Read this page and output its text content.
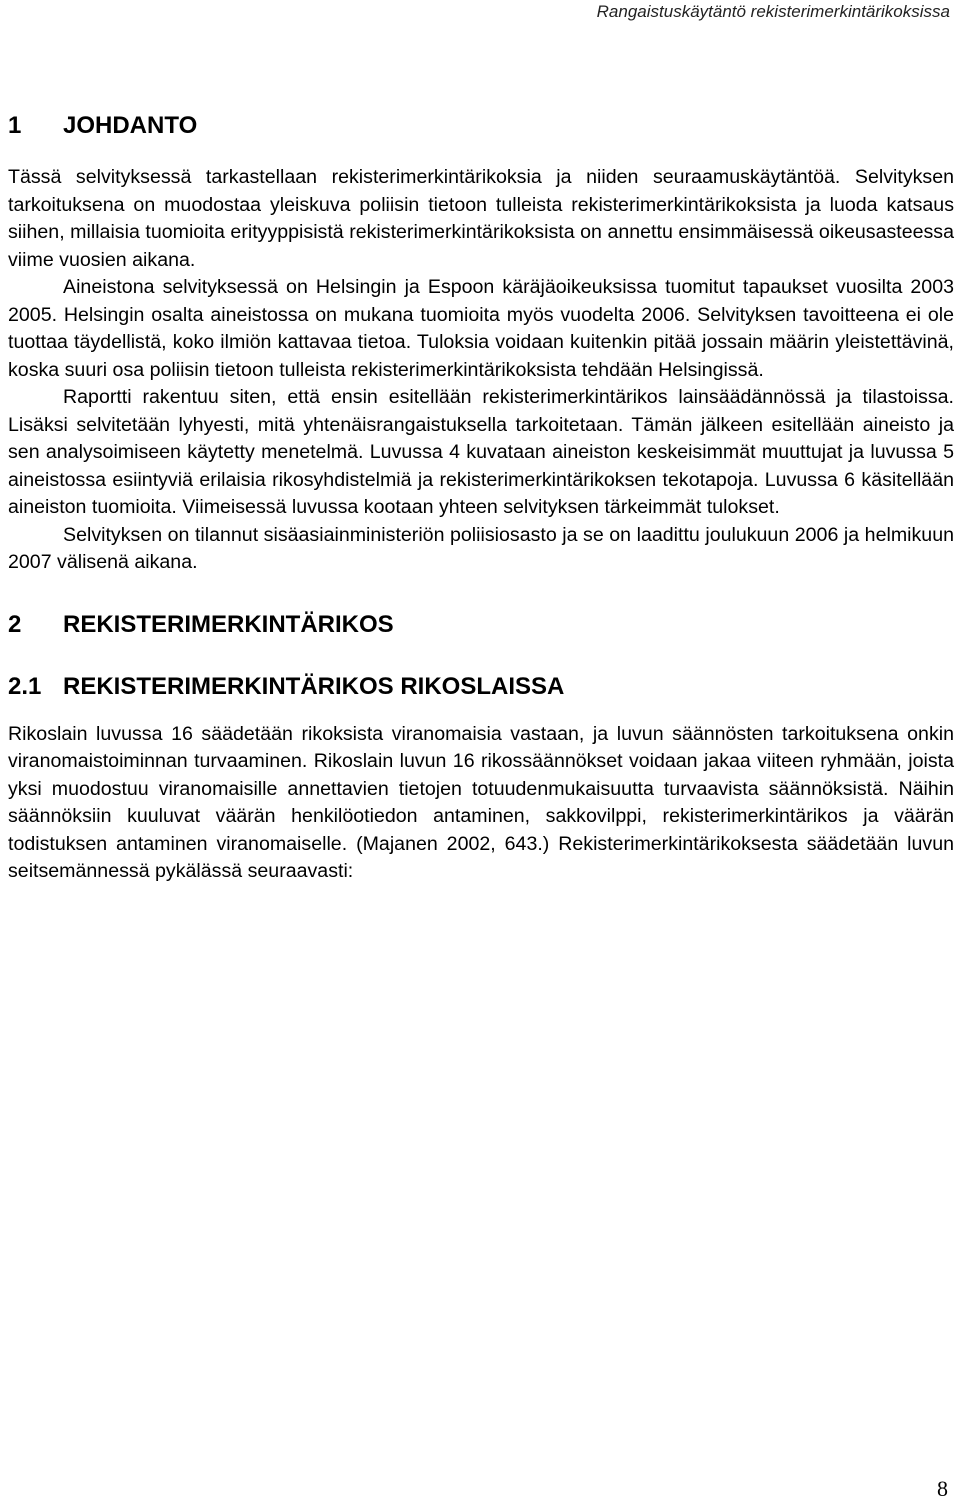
Rangaistuskäytäntö rekisterimerkintärikoksissa
1 JOHDANTO

Tässä selvityksessä tarkastellaan rekisterimerkintärikoksia ja niiden seuraamuskäytäntöä. Selvityksen tarkoituksena on muodostaa yleiskuva poliisin tietoon tulleista rekisterimerkintärikoksista ja luoda katsaus siihen, millaisia tuomioita erityyppisistä rekisterimerkintärikoksista on annettu ensimmäisessä oikeusasteessa viime vuosien aikana.

Aineistona selvityksessä on Helsingin ja Espoon käräjäoikeuksissa tuomitut tapaukset vuosilta 2003 2005. Helsingin osalta aineistossa on mukana tuomioita myös vuodelta 2006. Selvityksen tavoitteena ei ole tuottaa täydellistä, koko ilmiön kattavaa tietoa. Tuloksia voidaan kuitenkin pitää jossain määrin yleistettävinä, koska suuri osa poliisin tietoon tulleista rekisterimerkintärikoksista tehdään Helsingissä.

Raportti rakentuu siten, että ensin esitellään rekisterimerkintärikos lainsäädännössä ja tilastoissa. Lisäksi selvitetään lyhyesti, mitä yhtenäisrangaistuksella tarkoitetaan. Tämän jälkeen esitellään aineisto ja sen analysoimiseen käytetty menetelmä. Luvussa 4 kuvataan aineiston keskeisimmät muuttujat ja luvussa 5 aineistossa esiintyviä erilaisia rikosyhdistelmiä ja rekisterimerkintärikoksen tekotapoja. Luvussa 6 käsitellään aineiston tuomioita. Viimeisessä luvussa kootaan yhteen selvityksen tärkeimmät tulokset.

Selvityksen on tilannut sisäasiainministeriön poliisiosasto ja se on laadittu joulukuun 2006 ja helmikuun 2007 välisenä aikana.

2 REKISTERIMERKINTÄRIKOS
2.1 REKISTERIMERKINTÄRIKOS RIKOSLAISSA

Rikoslain luvussa 16 säädetään rikoksista viranomaisia vastaan, ja luvun säännösten tarkoituksena onkin viranomaistoiminnan turvaaminen. Rikoslain luvun 16 rikossäännökset voidaan jakaa viiteen ryhmään, joista yksi muodostuu viranomaisille annettavien tietojen totuudenmukaisuutta turvaavista säännöksistä. Näihin säännöksiin kuuluvat väärän henkilöotiedon antaminen, sakkovilppi, rekisterimerkintärikos ja väärän todistuksen antaminen viranomaiselle. (Majanen 2002, 643.) Rekisterimerkintärikoksesta säädetään luvun seitsemännessä pykälässä seuraavasti:

8
